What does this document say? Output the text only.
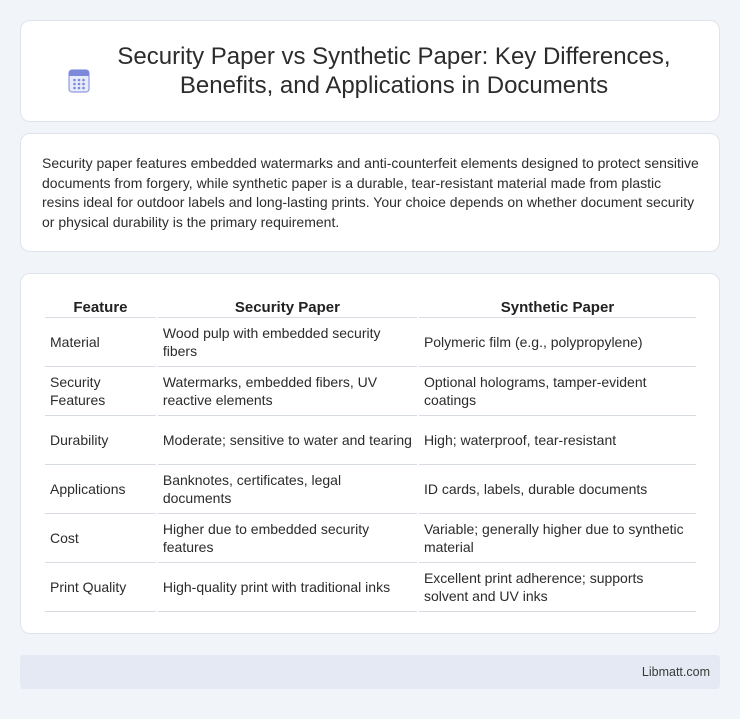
Security Paper vs Synthetic Paper: Key Differences, Benefits, and Applications in Documents

Security paper features embedded watermarks and anti-counterfeit elements designed to protect sensitive documents from forgery, while synthetic paper is a durable, tear-resistant material made from plastic resins ideal for outdoor labels and long-lasting prints. Your choice depends on whether document security or physical durability is the primary requirement.

Feature	Security Paper	Synthetic Paper
Material	Wood pulp with embedded security fibers	Polymeric film (e.g., polypropylene)
Security Features	Watermarks, embedded fibers, UV reactive elements	Optional holograms, tamper-evident coatings
Durability	Moderate; sensitive to water and tearing	High; waterproof, tear-resistant
Applications	Banknotes, certificates, legal documents	ID cards, labels, durable documents
Cost	Higher due to embedded security features	Variable; generally higher due to synthetic material
Print Quality	High-quality print with traditional inks	Excellent print adherence; supports solvent and UV inks
Libmatt.com
